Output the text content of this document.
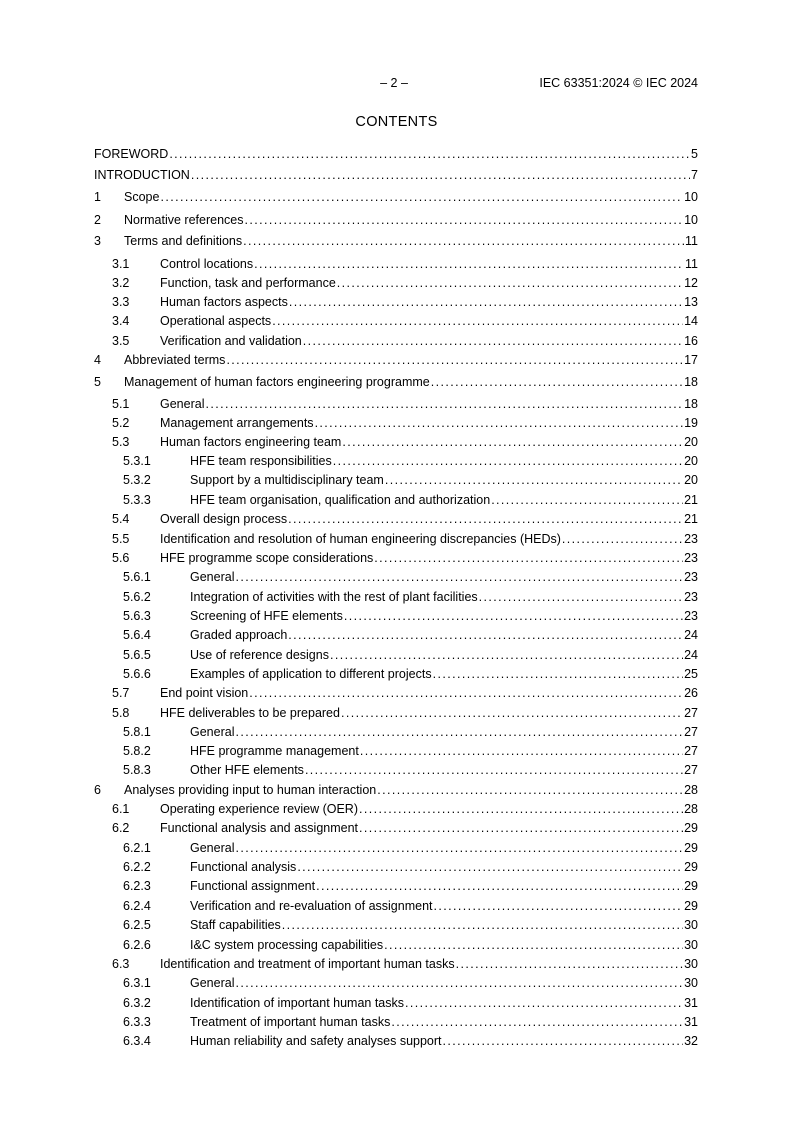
– 2 –	IEC 63351:2024 © IEC 2024
CONTENTS
FOREWORD .....	5
INTRODUCTION .....	7
1 Scope .....	10
2 Normative references .....	10
3 Terms and definitions .....	11
3.1 Control locations .....	11
3.2 Function, task and performance .....	12
3.3 Human factors aspects .....	13
3.4 Operational aspects .....	14
3.5 Verification and validation .....	16
4 Abbreviated terms .....	17
5 Management of human factors engineering programme .....	18
5.1 General .....	18
5.2 Management arrangements .....	19
5.3 Human factors engineering team .....	20
5.3.1	HFE team responsibilities .....	20
5.3.2	Support by a multidisciplinary team .....	20
5.3.3	HFE team organisation, qualification and authorization .....	21
5.4 Overall design process .....	21
5.5 Identification and resolution of human engineering discrepancies (HEDs) .....	23
5.6 HFE programme scope considerations .....	23
5.6.1	General .....	23
5.6.2	Integration of activities with the rest of plant facilities .....	23
5.6.3	Screening of HFE elements .....	23
5.6.4	Graded approach .....	24
5.6.5	Use of reference designs .....	24
5.6.6	Examples of application to different projects .....	25
5.7 End point vision .....	26
5.8 HFE deliverables to be prepared .....	27
5.8.1	General .....	27
5.8.2	HFE programme management .....	27
5.8.3	Other HFE elements .....	27
6 Analyses providing input to human interaction .....	28
6.1 Operating experience review (OER) .....	28
6.2 Functional analysis and assignment .....	29
6.2.1	General .....	29
6.2.2	Functional analysis .....	29
6.2.3	Functional assignment .....	29
6.2.4	Verification and re-evaluation of assignment .....	29
6.2.5	Staff capabilities .....	30
6.2.6	I&C system processing capabilities .....	30
6.3 Identification and treatment of important human tasks .....	30
6.3.1	General .....	30
6.3.2	Identification of important human tasks .....	31
6.3.3	Treatment of important human tasks .....	31
6.3.4	Human reliability and safety analyses support .....	32
